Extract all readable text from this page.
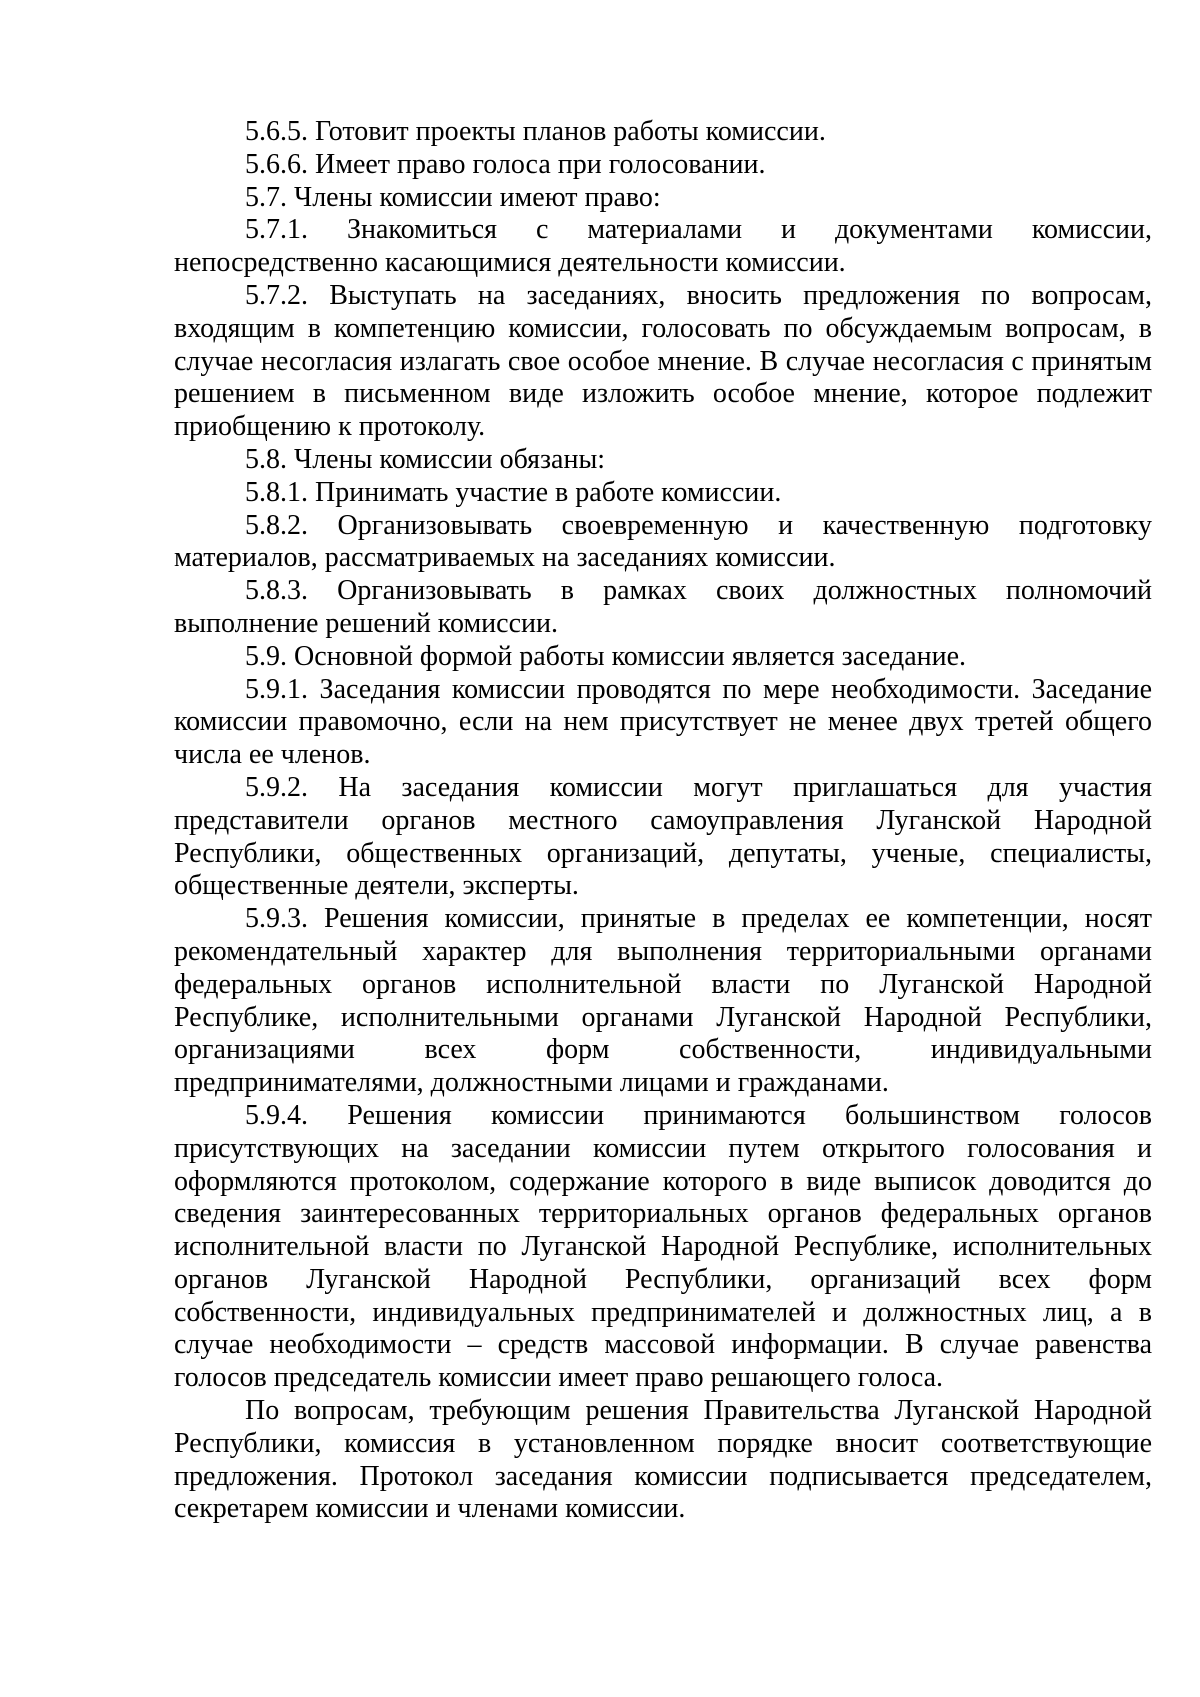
5.6.5. Готовит проекты планов работы комиссии.

5.6.6. Имеет право голоса при голосовании.

5.7. Члены комиссии имеют право:

5.7.1. Знакомиться с материалами и документами комиссии, непосредственно касающимися деятельности комиссии.

5.7.2. Выступать на заседаниях, вносить предложения по вопросам, входящим в компетенцию комиссии, голосовать по обсуждаемым вопросам, в случае несогласия излагать свое особое мнение. В случае несогласия с принятым решением в письменном виде изложить особое мнение, которое подлежит приобщению к протоколу.

5.8. Члены комиссии обязаны:

5.8.1. Принимать участие в работе комиссии.

5.8.2. Организовывать своевременную и качественную подготовку материалов, рассматриваемых на заседаниях комиссии.

5.8.3. Организовывать в рамках своих должностных полномочий выполнение решений комиссии.

5.9. Основной формой работы комиссии является заседание.

5.9.1. Заседания комиссии проводятся по мере необходимости. Заседание комиссии правомочно, если на нем присутствует не менее двух третей общего числа ее членов.

5.9.2. На заседания комиссии могут приглашаться для участия представители органов местного самоуправления Луганской Народной Республики, общественных организаций, депутаты, ученые, специалисты, общественные деятели, эксперты.

5.9.3. Решения комиссии, принятые в пределах ее компетенции, носят рекомендательный характер для выполнения территориальными органами федеральных органов исполнительной власти по Луганской Народной Республике, исполнительными органами Луганской Народной Республики, организациями всех форм собственности, индивидуальными предпринимателями, должностными лицами и гражданами.

5.9.4. Решения комиссии принимаются большинством голосов присутствующих на заседании комиссии путем открытого голосования и оформляются протоколом, содержание которого в виде выписок доводится до сведения заинтересованных территориальных органов федеральных органов исполнительной власти по Луганской Народной Республике, исполнительных органов Луганской Народной Республики, организаций всех форм собственности, индивидуальных предпринимателей и должностных лиц, а в случае необходимости – средств массовой информации. В случае равенства голосов председатель комиссии имеет право решающего голоса.

По вопросам, требующим решения Правительства Луганской Народной Республики, комиссия в установленном порядке вносит соответствующие предложения. Протокол заседания комиссии подписывается председателем, секретарем комиссии и членами комиссии.
